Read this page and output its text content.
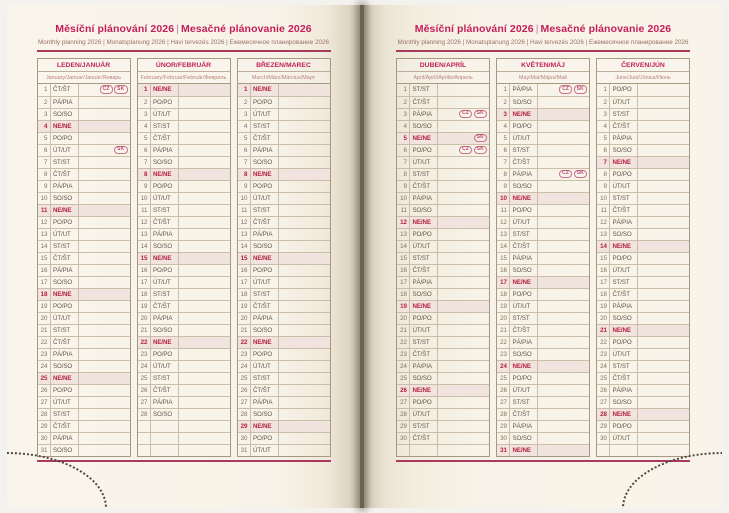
Měsíční plánování 2026 | Mesačné plánovanie 2026
Monthly planning 2026 | Monatsplanung 2026 | Havi tervezés 2026 | Ежемесячное планирование 2026
LEDEN/JANUÁR
January/Januar/Január/Январь
1 ČT/ŠT	CZ	SK
2 PÁ/PIA
3 SO/SO
4 NE/NE
5 PO/PO
6 ÚT/UT	SK
7 ST/ST
8 ČT/ŠT
9 PÁ/PIA
10 SO/SO
11 NE/NE
12 PO/PO
13 ÚT/UT
14 ST/ST
15 ČT/ŠT
16 PÁ/PIA
17 SO/SO
18 NE/NE
19 PO/PO
20 ÚT/UT
21 ST/ST
22 ČT/ŠT
23 PÁ/PIA
24 SO/SO
25 NE/NE
26 PO/PO
27 ÚT/UT
28 ST/ST
29 ČT/ŠT
30 PÁ/PIA
31 SO/SO
ÚNOR/FEBRUÁR
February/Februar/Február/Февраль
1 NE/NE
2 PO/PO
3 ÚT/UT
4 ST/ST
5 ČT/ŠT
6 PÁ/PIA
7 SO/SO
8 NE/NE
9 PO/PO
10 ÚT/UT
11 ST/ST
12 ČT/ŠT
13 PÁ/PIA
14 SO/SO
15 NE/NE
16 PO/PO
17 ÚT/UT
18 ST/ST
19 ČT/ŠT
20 PÁ/PIA
21 SO/SO
22 NE/NE
23 PO/PO
24 ÚT/UT
25 ST/ST
26 ČT/ŠT
27 PÁ/PIA
28 SO/SO
BŘEZEN/MAREC
March/März/Március/Март
1 NE/NE
2 PO/PO
3 ÚT/UT
4 ST/ST
5 ČT/ŠT
6 PÁ/PIA
7 SO/SO
8 NE/NE
9 PO/PO
10 ÚT/UT
11 ST/ST
12 ČT/ŠT
13 PÁ/PIA
14 SO/SO
15 NE/NE
16 PO/PO
17 ÚT/UT
18 ST/ST
19 ČT/ŠT
20 PÁ/PIA
21 SO/SO
22 NE/NE
23 PO/PO
24 ÚT/UT
25 ST/ST
26 ČT/ŠT
27 PÁ/PIA
28 SO/SO
29 NE/NE
30 PO/PO
31 ÚT/UT
Měsíční plánování 2026 | Mesačné plánovanie 2026
Monthly planning 2026 | Monatsplanung 2026 | Havi tervezés 2026 | Ежемесячное планирование 2026
DUBEN/APRÍL
April/Apríl/Április/Апрель
1 ST/ST
2 ČT/ŠT
3 PÁ/PIA	CZ	SK
4 SO/SO
5 NE/NE	SK
6 PO/PO	CZ	SK
7 ÚT/UT
8 ST/ST
9 ČT/ŠT
10 PÁ/PIA
11 SO/SO
12 NE/NE
13 PO/PO
14 ÚT/UT
15 ST/ST
16 ČT/ŠT
17 PÁ/PIA
18 SO/SO
19 NE/NE
20 PO/PO
21 ÚT/UT
22 ST/ST
23 ČT/ŠT
24 PÁ/PIA
25 SO/SO
26 NE/NE
27 PO/PO
28 ÚT/UT
29 ST/ST
30 ČT/ŠT
KVĚTEN/MÁJ
May/Mai/Május/Май
1 PÁ/PIA	CZ	SK
2 SO/SO
3 NE/NE
4 PO/PO
5 ÚT/UT
6 ST/ST
7 ČT/ŠT
8 PÁ/PIA	CZ	SK
9 SO/SO
10 NE/NE
11 PO/PO
12 ÚT/UT
13 ST/ST
14 ČT/ŠT
15 PÁ/PIA
16 SO/SO
17 NE/NE
18 PO/PO
19 ÚT/UT
20 ST/ST
21 ČT/ŠT
22 PÁ/PIA
23 SO/SO
24 NE/NE
25 PO/PO
26 ÚT/UT
27 ST/ST
28 ČT/ŠT
29 PÁ/PIA
30 SO/SO
31 NE/NE
ČERVEN/JÚN
June/Juni/Június/Июнь
1 PO/PO
2 ÚT/UT
3 ST/ST
4 ČT/ŠT
5 PÁ/PIA
6 SO/SO
7 NE/NE
8 PO/PO
9 ÚT/UT
10 ST/ST
11 ČT/ŠT
12 PÁ/PIA
13 SO/SO
14 NE/NE
15 PO/PO
16 ÚT/UT
17 ST/ST
18 ČT/ŠT
19 PÁ/PIA
20 SO/SO
21 NE/NE
22 PO/PO
23 ÚT/UT
24 ST/ST
25 ČT/ŠT
26 PÁ/PIA
27 SO/SO
28 NE/NE
29 PO/PO
30 ÚT/UT
